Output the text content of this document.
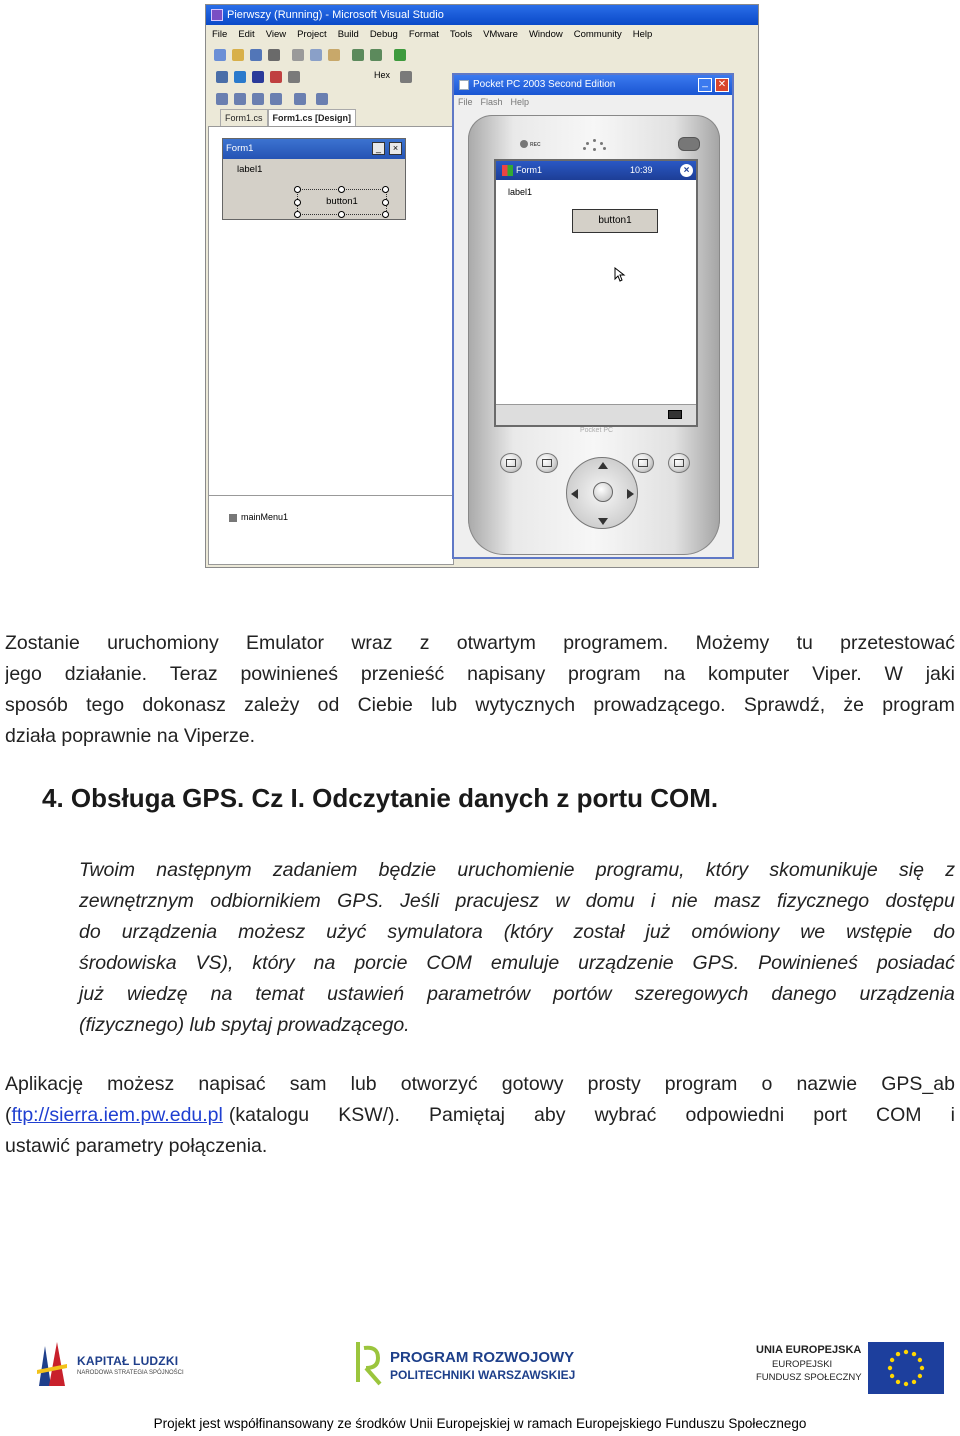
Pierwszy (Running) - Microsoft Visual Studio
File Edit View Project Build Debug Format Tools VMware Window Community Help
Hex
Form1.cs Form1.cs [Design]
Form1	_	×
label1
button1
mainMenu1
Pocket PC 2003 Second Edition	_	✕
File Flash Help
REC
Form1	10:39	×
label1
button1
Pocket PC
Zostanie uruchomiony Emulator wraz z otwartym programem. Możemy tu przetestować
jego działanie. Teraz powinieneś przenieść napisany program na komputer Viper. W jaki
sposób tego dokonasz zależy od Ciebie lub wytycznych prowadzącego. Sprawdź, że program
działa poprawnie na Viperze.
4. Obsługa GPS. Cz I. Odczytanie danych z portu COM.
Twoim następnym zadaniem będzie uruchomienie programu, który skomunikuje się z
zewnętrznym odbiornikiem GPS. Jeśli pracujesz w domu i nie masz fizycznego dostępu
do urządzenia możesz użyć symulatora (który został już omówiony we wstępie do
środowiska VS), który na porcie COM emuluje urządzenie GPS. Powinieneś posiadać
już wiedzę na temat ustawień parametrów portów szeregowych danego urządzenia
(fizycznego) lub spytaj prowadzącego.
Aplikację możesz napisać sam lub otworzyć gotowy prosty program o nazwie GPS_ab
(ftp://sierra.iem.pw.edu.pl (katalogu KSW/). Pamiętaj aby wybrać odpowiedni port COM i
ustawić parametry połączenia.
KAPITAŁ LUDZKI
NARODOWA STRATEGIA SPÓJNOŚCI
PROGRAM ROZWOJOWY
POLITECHNIKI WARSZAWSKIEJ
UNIA EUROPEJSKA
EUROPEJSKI
FUNDUSZ SPOŁECZNY
Projekt jest współfinansowany ze środków Unii Europejskiej w ramach Europejskiego Funduszu Społecznego
